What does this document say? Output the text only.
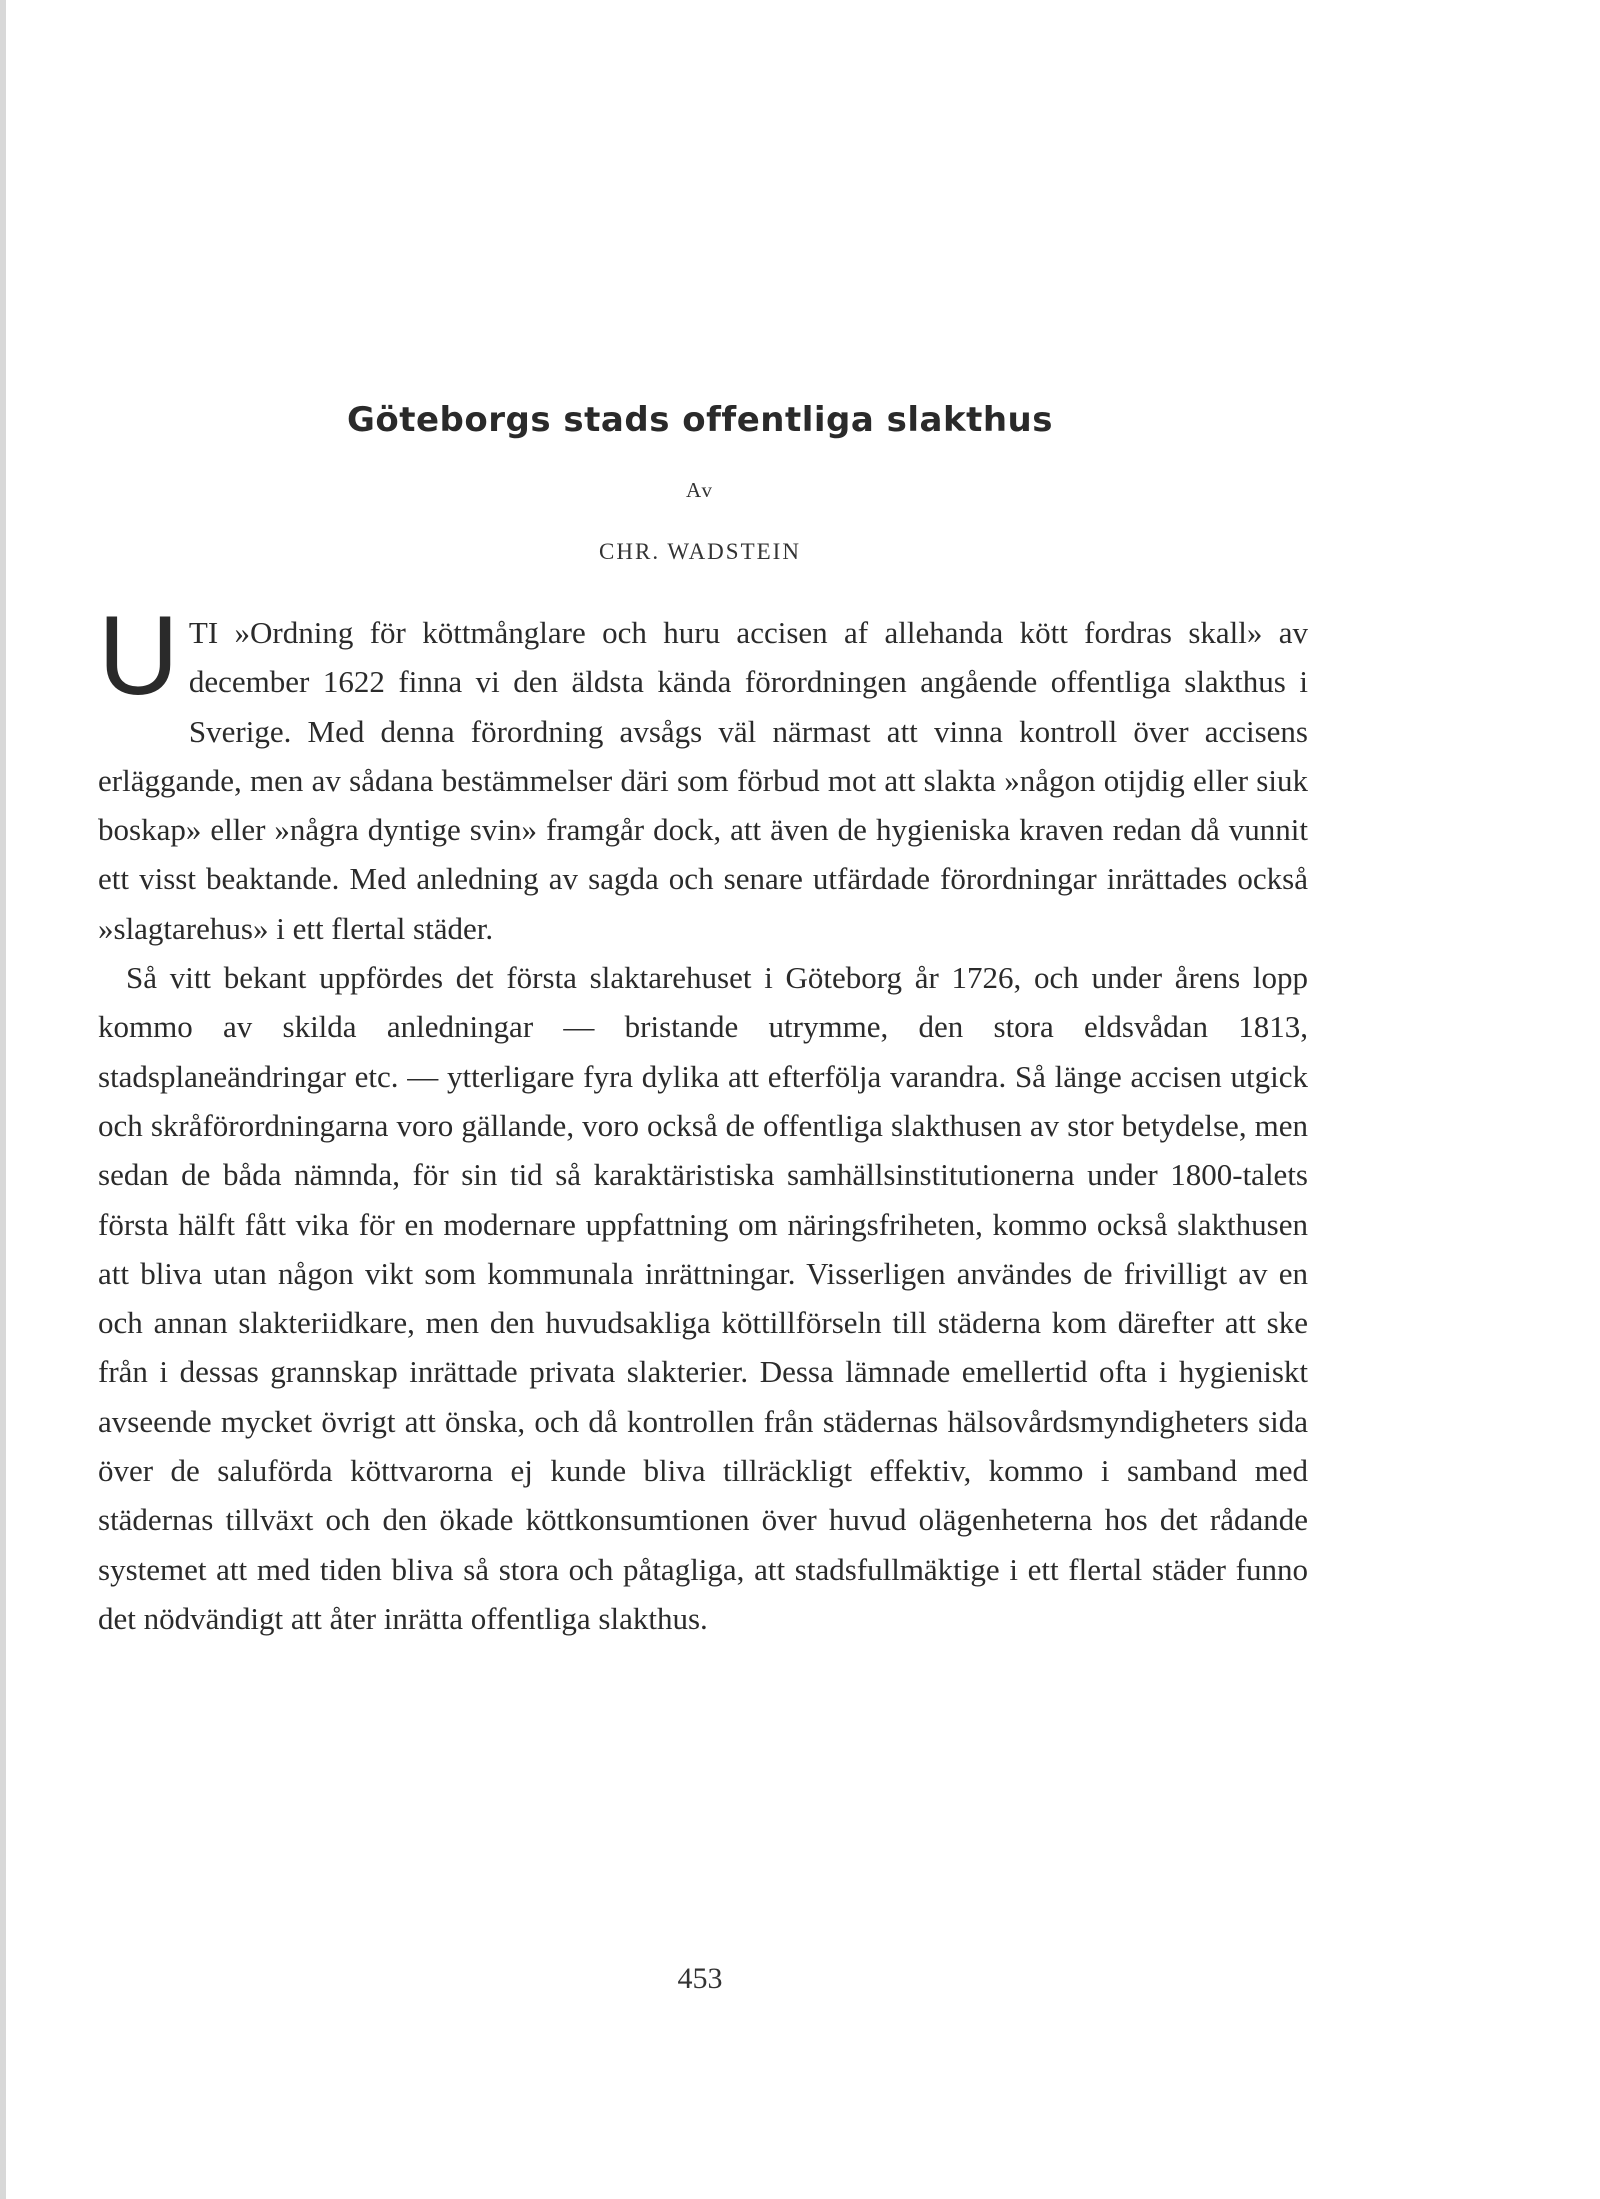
Göteborgs stads offentliga slakthus
Av
CHR. WADSTEIN

UTI »Ordning för köttmånglare och huru accisen af allehanda kött fordras skall» av december 1622 finna vi den äldsta kända förordningen angående offentliga slakthus i Sverige. Med denna förordning avsågs väl närmast att vinna kontroll över accisens erläggande, men av sådana bestämmelser däri som förbud mot att slakta »någon otijdig eller siuk boskap» eller »några dyntige svin» framgår dock, att även de hygieniska kraven redan då vunnit ett visst beaktande. Med anledning av sagda och senare utfärdade förordningar inrättades också »slagtarehus» i ett flertal städer.

Så vitt bekant uppfördes det första slaktarehuset i Göteborg år 1726, och under årens lopp kommo av skilda anledningar — bristande utrymme, den stora eldsvådan 1813, stadsplaneändringar etc. — ytterligare fyra dylika att efterfölja varandra. Så länge accisen utgick och skråförordningarna voro gällande, voro också de offentliga slakthusen av stor betydelse, men sedan de båda nämnda, för sin tid så karaktäristiska samhällsinstitutionerna under 1800-talets första hälft fått vika för en modernare uppfattning om näringsfriheten, kommo också slakthusen att bliva utan någon vikt som kommunala inrättningar. Visserligen användes de frivilligt av en och annan slakteriidkare, men den huvudsakliga köttillförseln till städerna kom därefter att ske från i dessas grannskap inrättade privata slakterier. Dessa lämnade emellertid ofta i hygieniskt avseende mycket övrigt att önska, och då kontrollen från städernas hälsovårdsmyndigheters sida över de saluförda köttvarorna ej kunde bliva tillräckligt effektiv, kommo i samband med städernas tillväxt och den ökade köttkonsumtionen över huvud olägenheterna hos det rådande systemet att med tiden bliva så stora och påtagliga, att stadsfullmäktige i ett flertal städer funno det nödvändigt att åter inrätta offentliga slakthus.

453
